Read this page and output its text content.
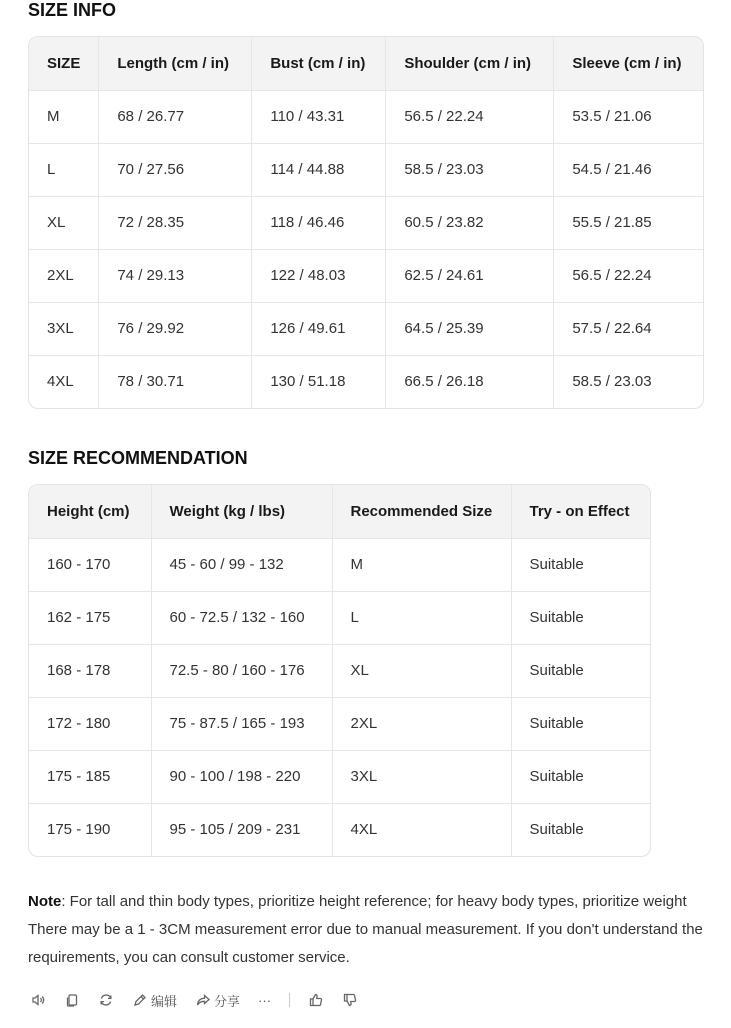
SIZE INFO
SIZE	Length (cm / in)	Bust (cm / in)	Shoulder (cm / in)	Sleeve (cm / in)
M	68 / 26.77	110 / 43.31	56.5 / 22.24	53.5 / 21.06
L	70 / 27.56	114 / 44.88	58.5 / 23.03	54.5 / 21.46
XL	72 / 28.35	118 / 46.46	60.5 / 23.82	55.5 / 21.85
2XL	74 / 29.13	122 / 48.03	62.5 / 24.61	56.5 / 22.24
3XL	76 / 29.92	126 / 49.61	64.5 / 25.39	57.5 / 22.64
4XL	78 / 30.71	130 / 51.18	66.5 / 26.18	58.5 / 23.03
SIZE RECOMMENDATION
Height (cm)	Weight (kg / lbs)	Recommended Size	Try - on Effect
160 - 170	45 - 60 / 99 - 132	M	Suitable
162 - 175	60 - 72.5 / 132 - 160	L	Suitable
168 - 178	72.5 - 80 / 160 - 176	XL	Suitable
172 - 180	75 - 87.5 / 165 - 193	2XL	Suitable
175 - 185	90 - 100 / 198 - 220	3XL	Suitable
175 - 190	95 - 105 / 209 - 231	4XL	Suitable
Note: For tall and thin body types, prioritize height reference; for heavy body types, prioritize weight
There may be a 1 - 3CM measurement error due to manual measurement. If you don't understand the
requirements, you can consult customer service.
编辑	分享 ···
